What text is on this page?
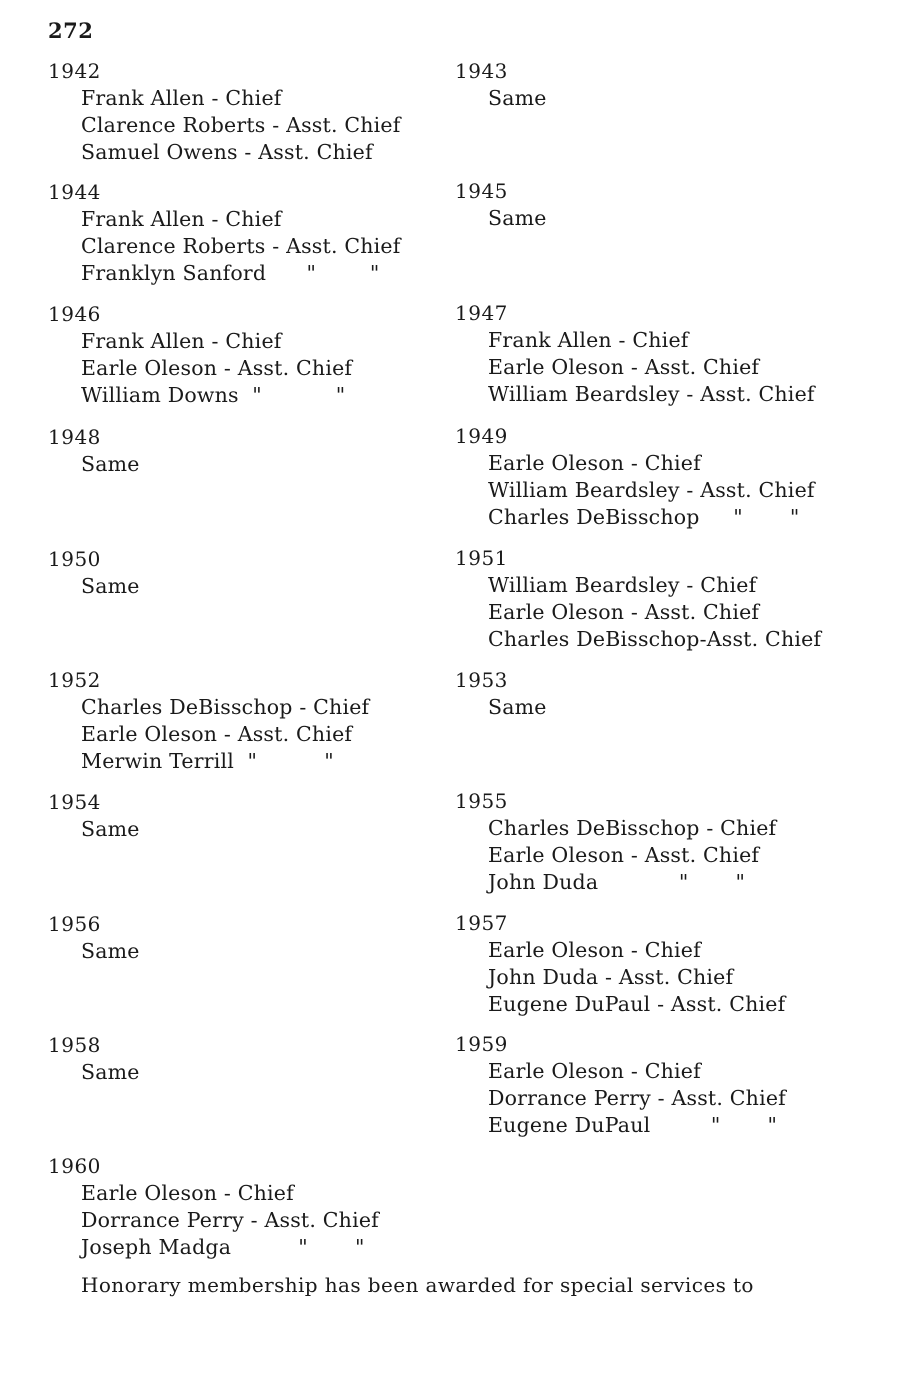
272
1942
Frank Allen - Chief
Clarence Roberts - Asst. Chief
Samuel Owens - Asst. Chief
1944
Frank Allen - Chief
Clarence Roberts - Asst. Chief
Franklyn Sanford      "        "
1946
Frank Allen - Chief
Earle Oleson - Asst. Chief
William Downs  "           "
1948
Same
1950
Same
1952
Charles DeBisschop - Chief
Earle Oleson - Asst. Chief
Merwin Terrill  "          "
1954
Same
1956
Same
1958
Same
1960
Earle Oleson - Chief
Dorrance Perry - Asst. Chief
Joseph Madga          "       "
1943
Same
1945
Same
1947
Frank Allen - Chief
Earle Oleson - Asst. Chief
William Beardsley - Asst. Chief
1949
Earle Oleson - Chief
William Beardsley - Asst. Chief
Charles DeBisschop     "       "
1951
William Beardsley - Chief
Earle Oleson - Asst. Chief
Charles DeBisschop-Asst. Chief
1953
Same
1955
Charles DeBisschop - Chief
Earle Oleson - Asst. Chief
John Duda            "       "
1957
Earle Oleson - Chief
John Duda - Asst. Chief
Eugene DuPaul - Asst. Chief
1959
Earle Oleson - Chief
Dorrance Perry - Asst. Chief
Eugene DuPaul         "       "
Honorary membership has been awarded for special services to
